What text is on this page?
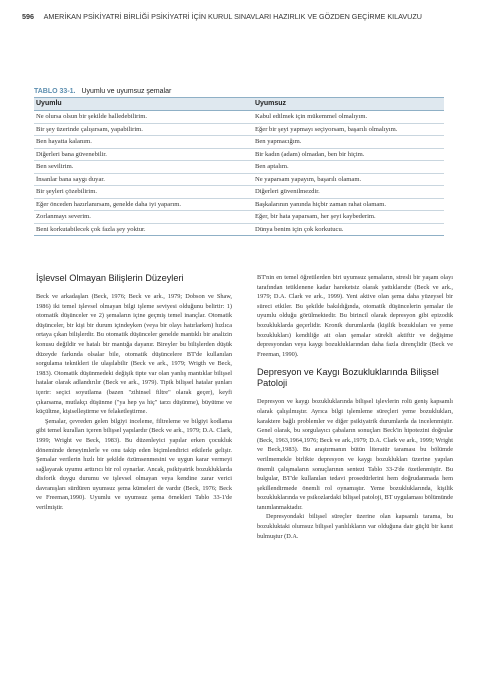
596 AMERİKAN PSİKİYATRİ BİRLİĞİ PSİKİYATRİ İÇİN KURUL SINAVLARI HAZIRLIK VE GÖZDEN GEÇİRME KILAVUZU
TABLO 33-1. Uyumlu ve uyumsuz şemalar
Uyumlu	Uyumsuz
Ne olursa olsun bir şekilde halledebilirim.	Kabul edilmek için mükemmel olmalıyım.
Bir şey üzerinde çalışırsam, yapabilirim.	Eğer bir şeyi yapmayı seçiyorsam, başarılı olmalıyım.
Ben hayatta kalanım.	Ben yapmacığım.
Diğerleri bana güvenebilir.	Bir kadın (adam) olmadan, ben bir hiçim.
Ben sevilirim.	Ben aptalım.
İnsanlar bana saygı duyar.	Ne yaparsam yapayım, başarılı olamam.
Bir şeyleri çözebilirim.	Diğerleri güvenilmezdir.
Eğer önceden hazırlanırsam, genelde daha iyi yaparım.	Başkalarının yanında hiçbir zaman rahat olamam.
Zorlanmayı severim.	Eğer, bir hata yaparsam, her şeyi kaybederim.
Beni korkutabilecek çok fazla şey yoktur.	Dünya benim için çok korkutucu.
İşlevsel Olmayan Bilişlerin Düzeyleri

Beck ve arkadaşları (Beck, 1976; Beck ve ark., 1979; Dobson ve Shaw, 1986) iki temel işlevsel olmayan bilgi işleme seviyesi olduğunu belirtir: 1) otomatik düşünceler ve 2) şemaların içine geçmiş temel inançlar. Otomatik düşünceler, bir kişi bir durum içindeyken (veya bir olayı hatırlarken) hızlıca ortaya çıkan bilişlerdir. Bu otomatik düşünceler genelde mantıklı bir analizin konusu değildir ve hatalı bir mantığa dayanır. Bireyler bu bilişlerden düşük düzeyde farkında olsalar bile, otomatik düşüncelere BT'de kullanılan sorgulama teknikleri ile ulaşılabilir (Beck ve ark., 1979; Wrigth ve Beck, 1983). Otomatik düşünmedeki değişik tipte var olan yanlış mantıklar bilişsel hatalar olarak adlandırılır (Beck ve ark., 1979). Tipik bilişsel hatalar şunları içerir: seçici soyutlama (bazen "zihinsel filtre" olarak geçer), keyfi çıkarsama, mutlakçı düşünme ("ya hep ya hiç" tarzı düşünme), büyütme ve küçültme, kişiselleştirme ve felaketleştirme.

Şemalar, çevreden gelen bilgiyi inceleme, filtreleme ve bilgiyi kodlama gibi temel kuralları içeren bilişsel yapılardır (Beck ve ark., 1979; D.A. Clark, 1999; Wright ve Beck, 1983). Bu düzenleyici yapılar erken çocukluk döneminde deneyimlerle ve onu takip eden biçimlendirici etkilerle gelişir. Şemalar verilerin hızlı bir şekilde özümsenmesini ve uygun karar vermeyi sağlayarak uyumu arttırıcı bir rol oynarlar. Ancak, psikiyatrik bozukluklarda disforik duygu durumu ve işlevsel olmayan veya kendine zarar verici davranışları sürdüren uyumsuz şema kümeleri de vardır (Beck, 1976; Beck ve Freeman,1990). Uyumlu ve uyumsuz şema örnekleri Tablo 33-1'de verilmiştir.

BT'nin en temel öğretilerden biri uyumsuz şemaların, stresli bir yaşam olayı tarafından tetiklenene kadar hareketsiz olarak yattıklarıdır (Beck ve ark., 1979; D.A. Clark ve ark., 1999). Yeni aktive olan şema daha yüzeysel bir süreci etkiler. Bu şekilde bakıldığında, otomatik düşüncelerin şemalar ile uyumlu olduğu görülmektedir. Bu birincil olarak depresyon gibi epizodik bozukluklarda geçerlidir. Kronik durumlarda (kişilik bozukluları ve yeme bozuklukları) kendiliğe ait olan şemalar sürekli aktiftir ve değişime depresyondan veya kaygı bozukluklarından daha fazla dirençlidir (Beck ve Freeman, 1990).

Depresyon ve Kaygı Bozukluklarında Bilişsel Patoloji

Depresyon ve kaygı bozukluklarında bilişsel işlevlerin rolü geniş kapsamlı olarak çalışılmıştır. Ayrıca bilgi işlemleme süreçleri yeme bozuklukları, karaktere bağlı problemler ve diğer psikiyatrik durumlarda da incelenmiştir. Genel olarak, bu sorgulayıcı çabaların sonuçları Beck'in hipotezini doğrular (Beck, 1963,1964,1976; Beck ve ark.,1979; D.A. Clark ve ark., 1999; Wright ve Beck,1983). Bu araştırmanın bütün literatür taraması bu bölümde verilmemekle birlikte depresyon ve kaygı bozuklukları üzerine yapılan önemli çalışmaların sonuçlarının sentezi Tablo 33-2'de özetlenmiştir. Bu bulgular, BT'de kullanılan tedavi prosedürlerini hem doğrudanmada hem şekillendirmede önemli rol oynamıştır. Yeme bozukluklarında, kişilik bozukluklarında ve psikozlardaki bilişsel patoloji, BT uygulaması bölümünde tanımlanmaktadır.

Depresyondaki bilişsel süreçler üzerine olan kapsamlı tarama, bu bozukluktaki olumsuz bilişsel yanlılıkların var olduğuna dair güçlü bir kanıt bulmuştur (D.A.
